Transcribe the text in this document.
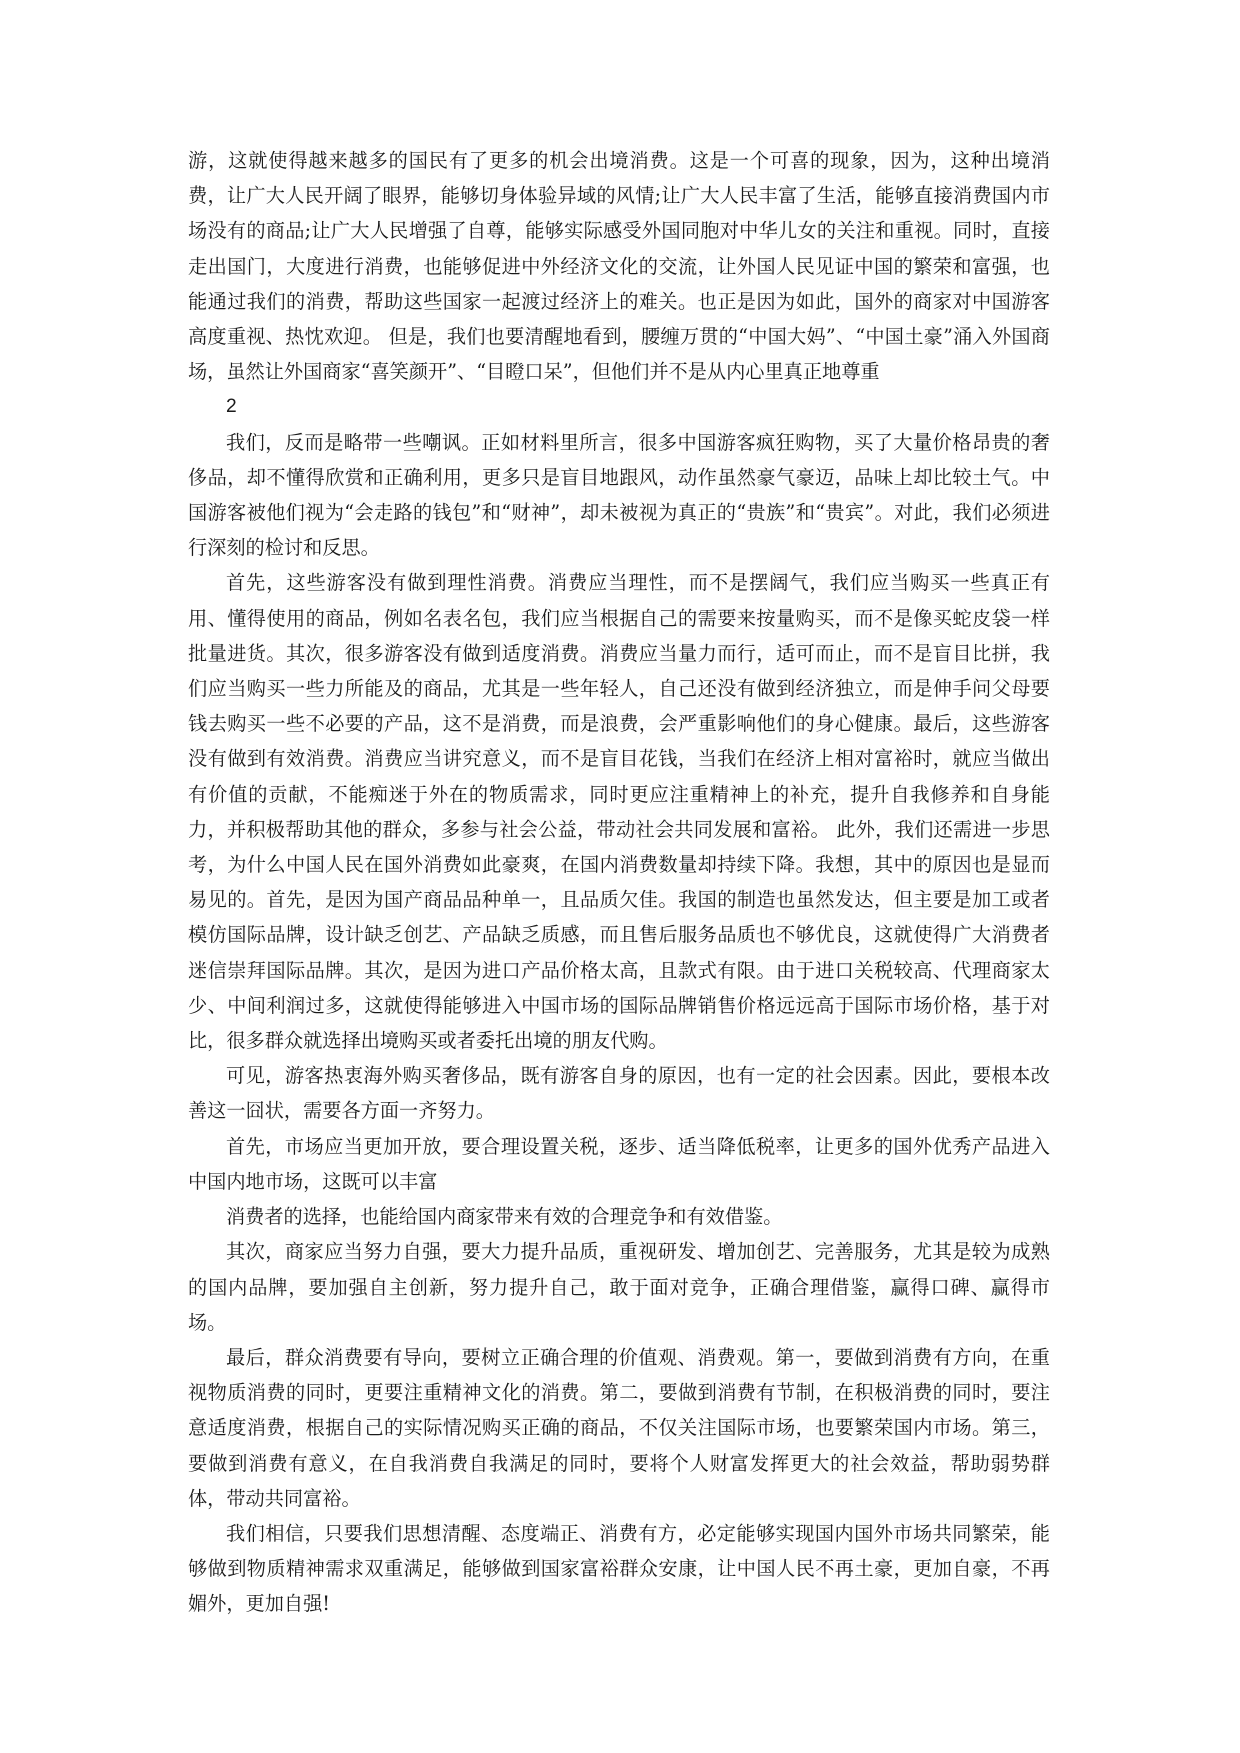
游，这就使得越来越多的国民有了更多的机会出境消费。这是一个可喜的现象，因为，这种出境消费，让广大人民开阔了眼界，能够切身体验异域的风情;让广大人民丰富了生活，能够直接消费国内市场没有的商品;让广大人民增强了自尊，能够实际感受外国同胞对中华儿女的关注和重视。同时，直接走出国门，大度进行消费，也能够促进中外经济文化的交流，让外国人民见证中国的繁荣和富强，也能通过我们的消费，帮助这些国家一起渡过经济上的难关。也正是因为如此，国外的商家对中国游客高度重视、热忱欢迎。 但是，我们也要清醒地看到，腰缠万贯的“中国大妈”、“中国土豪”涌入外国商场，虽然让外国商家“喜笑颜开”、“目瞪口呆”，但他们并不是从内心里真正地尊重

2

我们，反而是略带一些嘲讽。正如材料里所言，很多中国游客疯狂购物，买了大量价格昂贵的奢侈品，却不懂得欣赏和正确利用，更多只是盲目地跟风，动作虽然豪气豪迈，品味上却比较土气。中国游客被他们视为“会走路的钱包”和“财神”，却未被视为真正的“贵族”和“贵宾”。对此，我们必须进行深刻的检讨和反思。

首先，这些游客没有做到理性消费。消费应当理性，而不是摆阔气，我们应当购买一些真正有用、懂得使用的商品，例如名表名包，我们应当根据自己的需要来按量购买，而不是像买蛇皮袋一样批量进货。其次，很多游客没有做到适度消费。消费应当量力而行，适可而止，而不是盲目比拼，我们应当购买一些力所能及的商品，尤其是一些年轻人，自己还没有做到经济独立，而是伸手问父母要钱去购买一些不必要的产品，这不是消费，而是浪费，会严重影响他们的身心健康。最后，这些游客没有做到有效消费。消费应当讲究意义，而不是盲目花钱，当我们在经济上相对富裕时，就应当做出有价值的贡献，不能痴迷于外在的物质需求，同时更应注重精神上的补充，提升自我修养和自身能力，并积极帮助其他的群众，多参与社会公益，带动社会共同发展和富裕。 此外，我们还需进一步思考，为什么中国人民在国外消费如此豪爽，在国内消费数量却持续下降。我想，其中的原因也是显而易见的。首先，是因为国产商品品种单一，且品质欠佳。我国的制造也虽然发达，但主要是加工或者模仿国际品牌，设计缺乏创艺、产品缺乏质感，而且售后服务品质也不够优良，这就使得广大消费者迷信崇拜国际品牌。其次，是因为进口产品价格太高，且款式有限。由于进口关税较高、代理商家太少、中间利润过多，这就使得能够进入中国市场的国际品牌销售价格远远高于国际市场价格，基于对比，很多群众就选择出境购买或者委托出境的朋友代购。

可见，游客热衷海外购买奢侈品，既有游客自身的原因，也有一定的社会因素。因此，要根本改善这一囧状，需要各方面一齐努力。

首先，市场应当更加开放，要合理设置关税，逐步、适当降低税率，让更多的国外优秀产品进入中国内地市场，这既可以丰富

消费者的选择，也能给国内商家带来有效的合理竞争和有效借鉴。

其次，商家应当努力自强，要大力提升品质，重视研发、增加创艺、完善服务，尤其是较为成熟的国内品牌，要加强自主创新，努力提升自己，敢于面对竞争，正确合理借鉴，赢得口碑、赢得市场。

最后，群众消费要有导向，要树立正确合理的价值观、消费观。第一，要做到消费有方向，在重视物质消费的同时，更要注重精神文化的消费。第二，要做到消费有节制，在积极消费的同时，要注意适度消费，根据自己的实际情况购买正确的商品，不仅关注国际市场，也要繁荣国内市场。第三，要做到消费有意义，在自我消费自我满足的同时，要将个人财富发挥更大的社会效益，帮助弱势群体，带动共同富裕。

我们相信，只要我们思想清醒、态度端正、消费有方，必定能够实现国内国外市场共同繁荣，能够做到物质精神需求双重满足，能够做到国家富裕群众安康，让中国人民不再土豪，更加自豪，不再媚外，更加自强!
